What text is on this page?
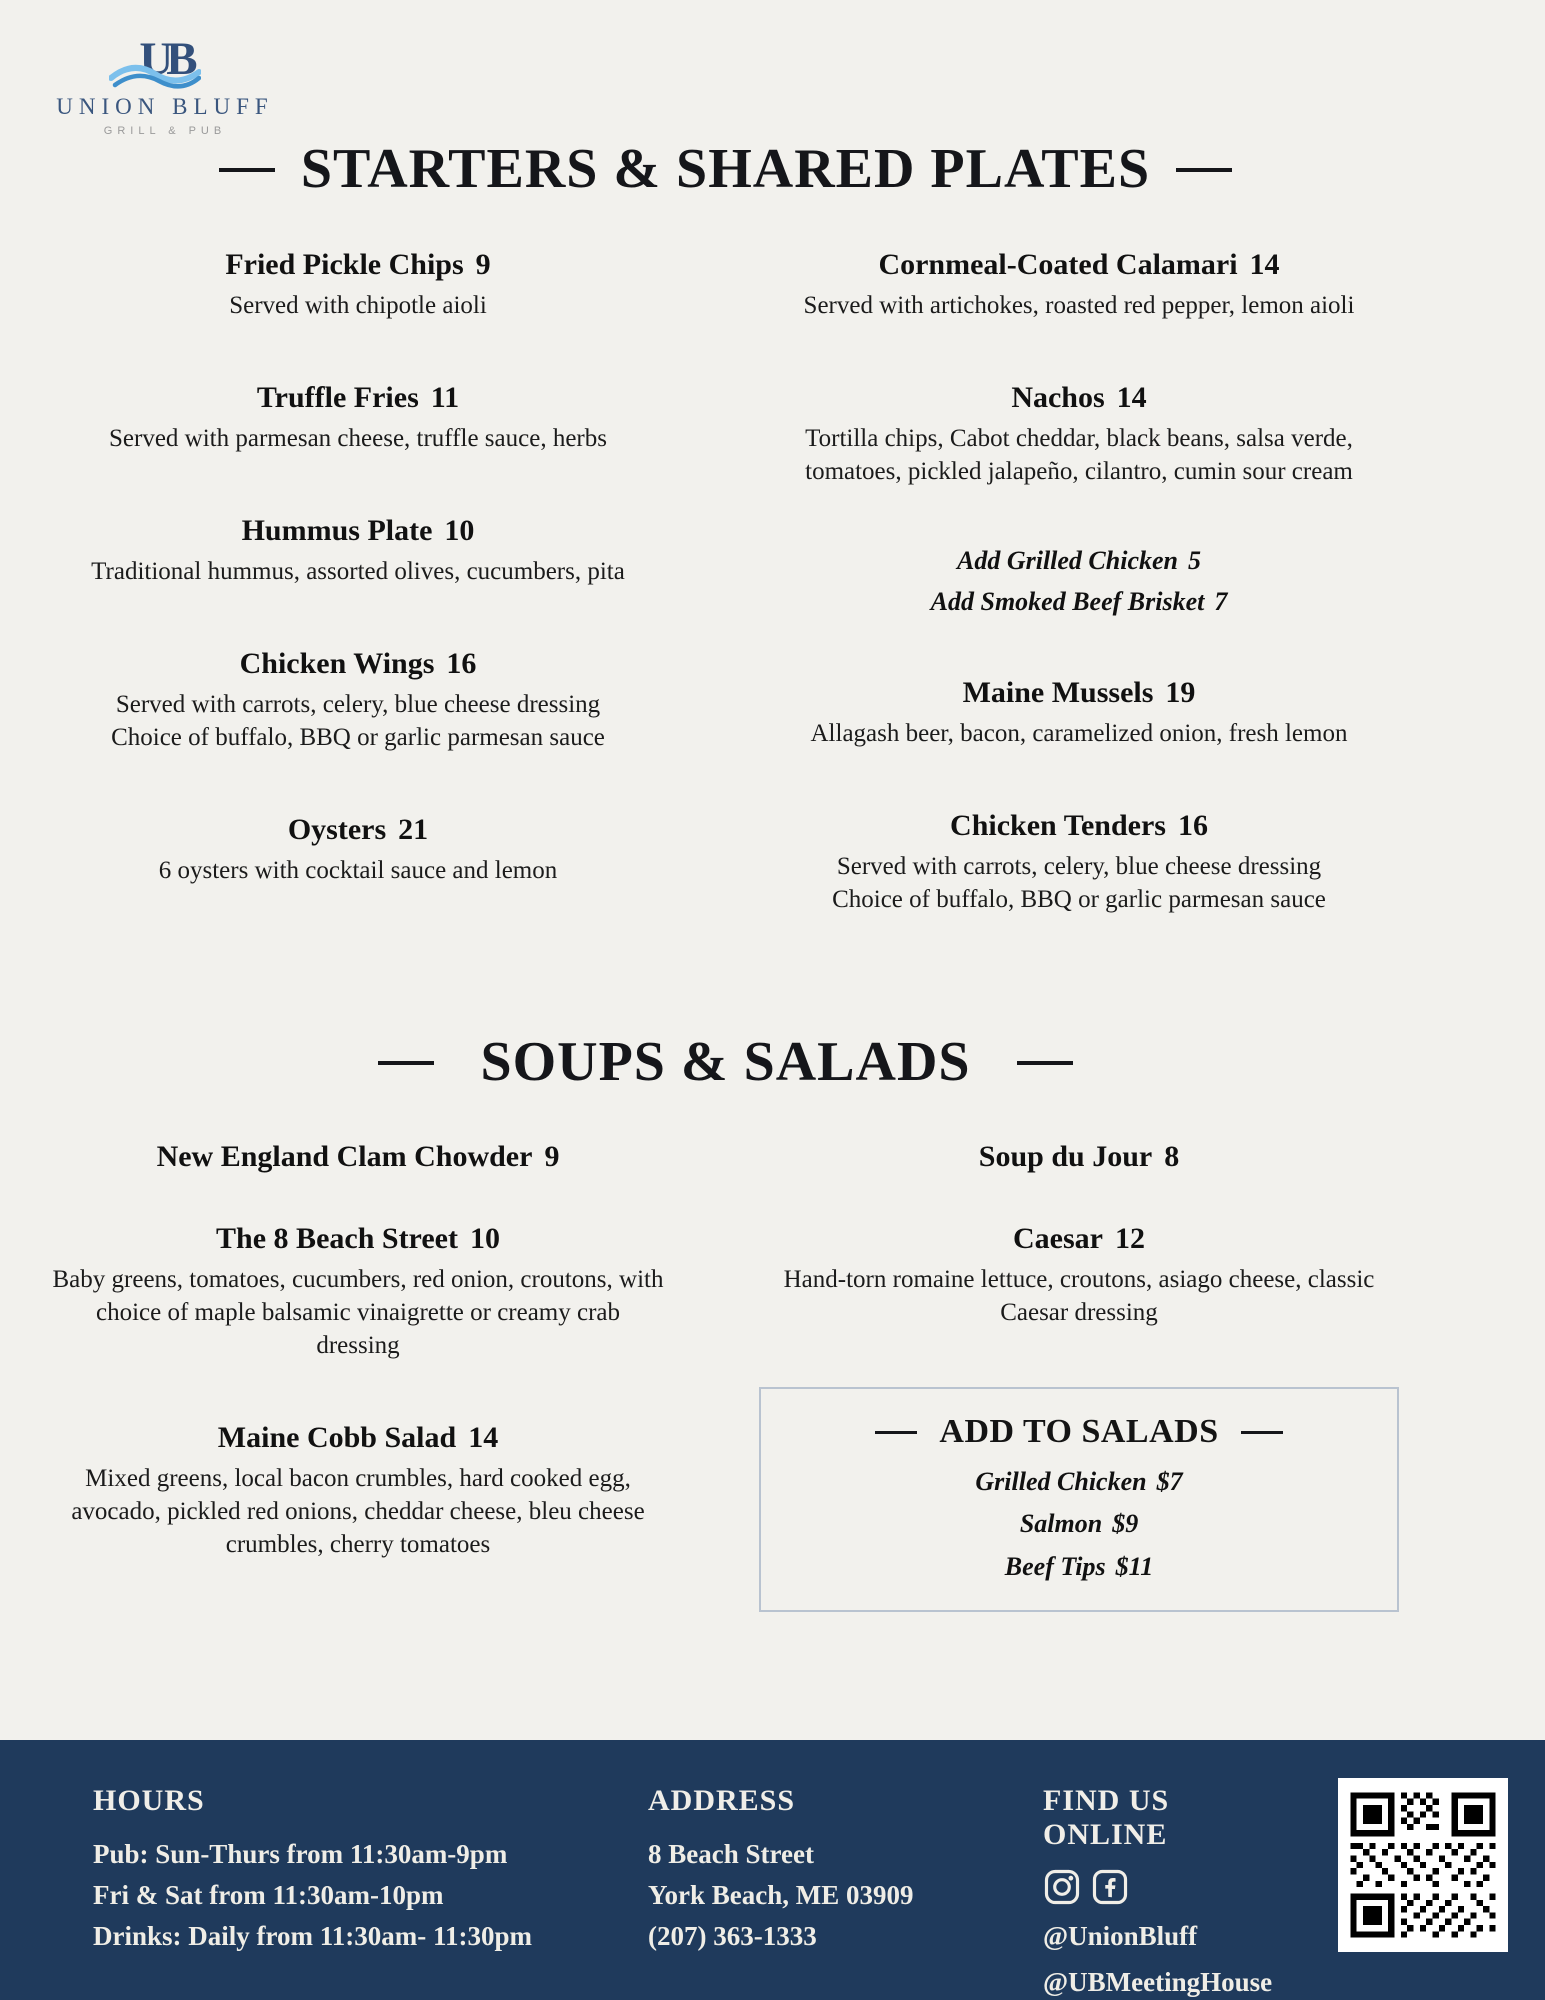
UB
UNION BLUFF
GRILL & PUB
STARTERS & SHARED PLATES
Fried Pickle Chips 9
Served with chipotle aioli
Truffle Fries 11
Served with parmesan cheese, truffle sauce, herbs
Hummus Plate 10
Traditional hummus, assorted olives, cucumbers, pita
Chicken Wings 16
Served with carrots, celery, blue cheese dressing
Choice of buffalo, BBQ or garlic parmesan sauce
Oysters 21
6 oysters with cocktail sauce and lemon
Cornmeal-Coated Calamari 14
Served with artichokes, roasted red pepper, lemon aioli
Nachos 14
Tortilla chips, Cabot cheddar, black beans, salsa verde, tomatoes, pickled jalapeño, cilantro, cumin sour cream
Add Grilled Chicken 5
Add Smoked Beef Brisket 7
Maine Mussels 19
Allagash beer, bacon, caramelized onion, fresh lemon
Chicken Tenders 16
Served with carrots, celery, blue cheese dressing
Choice of buffalo, BBQ or garlic parmesan sauce
SOUPS & SALADS
New England Clam Chowder 9
The 8 Beach Street 10
Baby greens, tomatoes, cucumbers, red onion, croutons, with choice of maple balsamic vinaigrette or creamy crab dressing
Maine Cobb Salad 14
Mixed greens, local bacon crumbles, hard cooked egg, avocado, pickled red onions, cheddar cheese, bleu cheese crumbles, cherry tomatoes
Soup du Jour 8
Caesar 12
Hand-torn romaine lettuce, croutons, asiago cheese, classic Caesar dressing
ADD TO SALADS
Grilled Chicken $7
Salmon $9
Beef Tips $11
HOURS
Pub: Sun-Thurs from 11:30am-9pm
Fri & Sat from 11:30am-10pm
Drinks: Daily from 11:30am- 11:30pm
ADDRESS
8 Beach Street
York Beach, ME 03909
(207) 363-1333
FIND US ONLINE
@UnionBluff
@UBMeetingHouse
